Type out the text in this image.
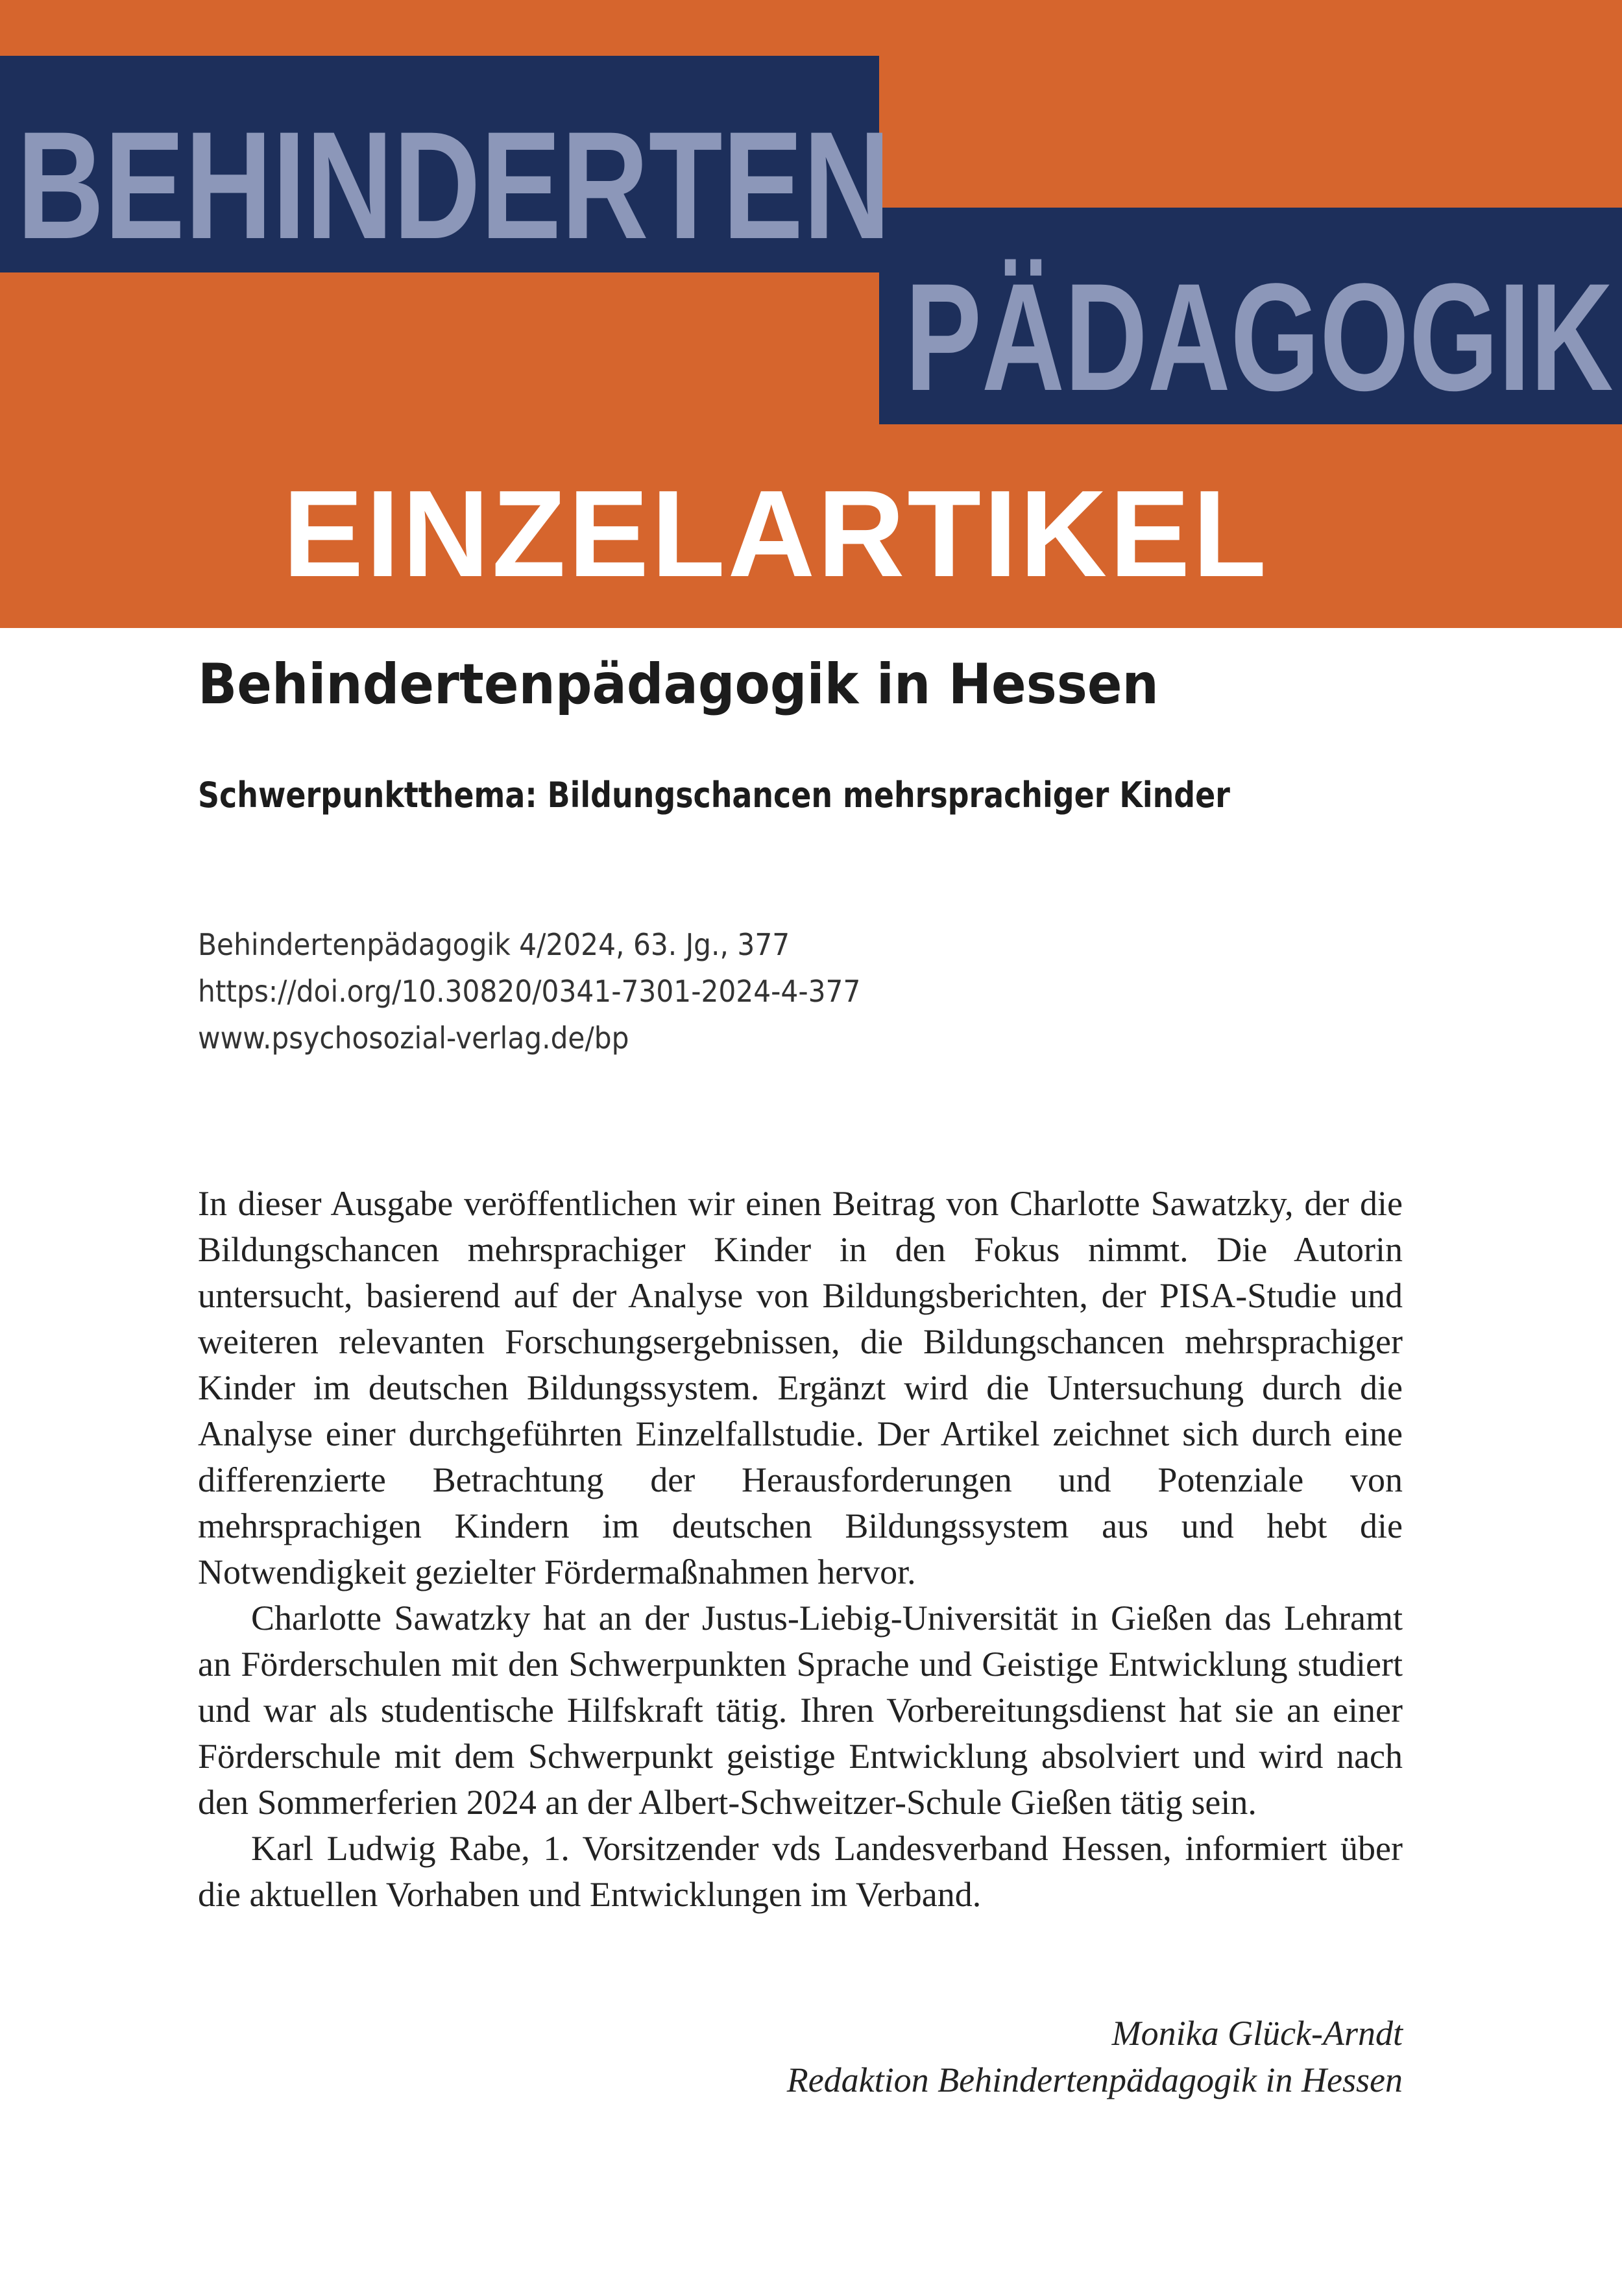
BEHINDERTEN
PÄDAGOGIK
EINZELARTIKEL
Behindertenpädagogik in Hessen
Schwerpunktthema: Bildungschancen mehrsprachiger Kinder
Behindertenpädagogik 4/2024, 63. Jg., 377
https://doi.org/10.30820/0341-7301-2024-4-377
www.psychosozial-verlag.de/bp

In dieser Ausgabe veröffentlichen wir einen Beitrag von Charlotte Sawatzky, der die Bildungschancen mehrsprachiger Kinder in den Fokus nimmt. Die Autorin untersucht, basierend auf der Analyse von Bildungsberichten, der PISA-Studie und weiteren relevanten Forschungsergebnissen, die Bildungschancen mehrsprachiger Kinder im deutschen Bildungssystem. Ergänzt wird die Untersuchung durch die Analyse einer durchgeführten Einzelfallstudie. Der Artikel zeichnet sich durch eine differenzierte Betrachtung der Herausforderungen und Potenziale von mehrsprachigen Kindern im deutschen Bildungssystem aus und hebt die Notwendigkeit gezielter Fördermaßnahmen hervor.

Charlotte Sawatzky hat an der Justus-Liebig-Universität in Gießen das Lehramt an Förderschulen mit den Schwerpunkten Sprache und Geistige Entwicklung studiert und war als studentische Hilfskraft tätig. Ihren Vorbereitungsdienst hat sie an einer Förderschule mit dem Schwerpunkt geistige Entwicklung absolviert und wird nach den Sommerferien 2024 an der Albert-Schweitzer-Schule Gießen tätig sein.

Karl Ludwig Rabe, 1. Vorsitzender vds Landesverband Hessen, informiert über die aktuellen Vorhaben und Entwicklungen im Verband.

Monika Glück-Arndt
Redaktion Behindertenpädagogik in Hessen
